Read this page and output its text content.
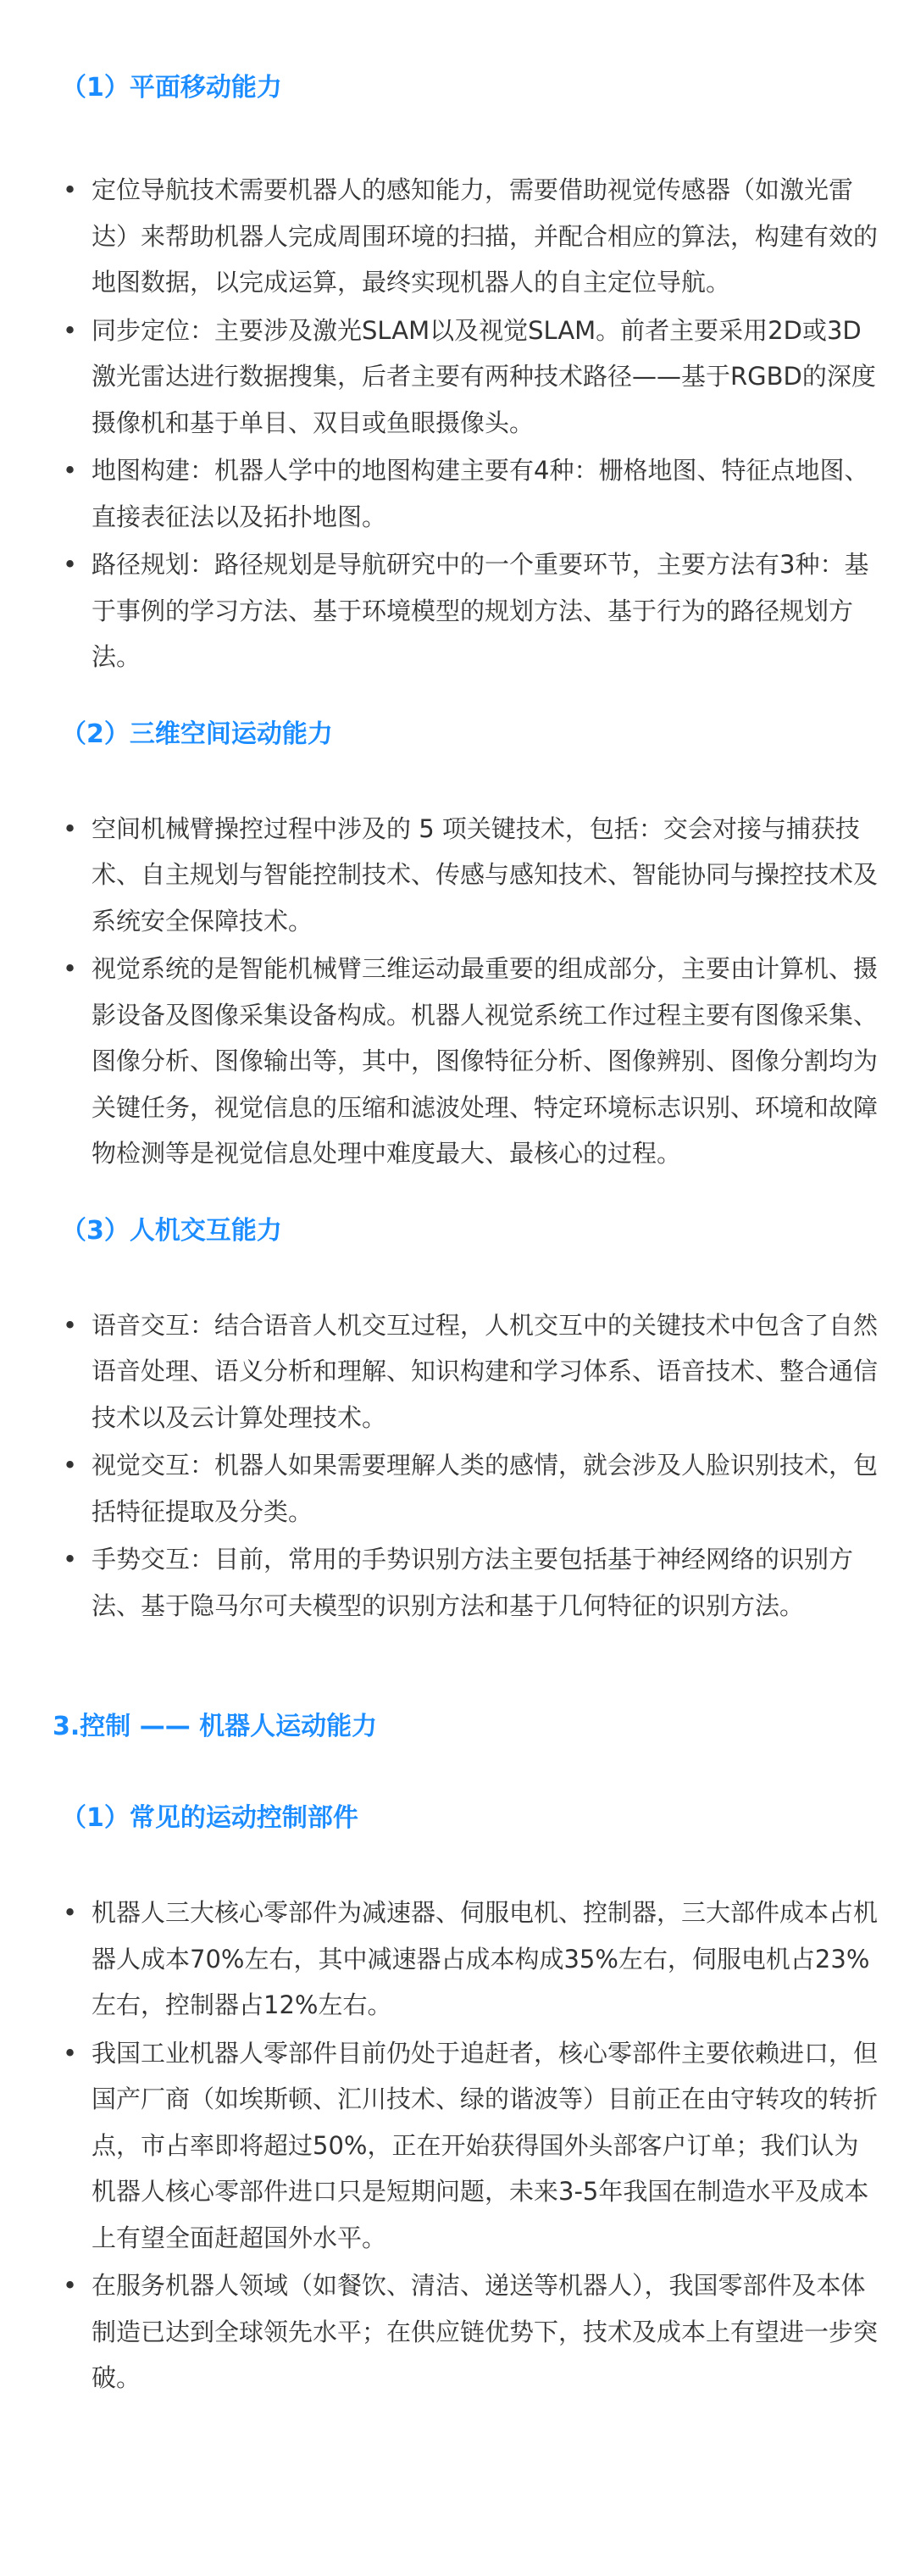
（1）平面移动能力
• 定位导航技术需要机器人的感知能力，需要借助视觉传感器（如激光雷达）来帮助机器人完成周围环境的扫描，并配合相应的算法，构建有效的地图数据，以完成运算，最终实现机器人的自主定位导航。
• 同步定位：主要涉及激光SLAM以及视觉SLAM。前者主要采用2D或3D激光雷达进行数据搜集，后者主要有两种技术路径——基于RGBD的深度摄像机和基于单目、双目或鱼眼摄像头。
• 地图构建：机器人学中的地图构建主要有4种：栅格地图、特征点地图、直接表征法以及拓扑地图。
• 路径规划：路径规划是导航研究中的一个重要环节，主要方法有3种：基于事例的学习方法、基于环境模型的规划方法、基于行为的路径规划方法。
（2）三维空间运动能力
• 空间机械臂操控过程中涉及的 5 项关键技术，包括：交会对接与捕获技术、自主规划与智能控制技术、传感与感知技术、智能协同与操控技术及系统安全保障技术。
• 视觉系统的是智能机械臂三维运动最重要的组成部分，主要由计算机、摄影设备及图像采集设备构成。机器人视觉系统工作过程主要有图像采集、图像分析、图像输出等，其中，图像特征分析、图像辨别、图像分割均为关键任务，视觉信息的压缩和滤波处理、特定环境标志识别、环境和故障物检测等是视觉信息处理中难度最大、最核心的过程。
（3）人机交互能力
• 语音交互：结合语音人机交互过程，人机交互中的关键技术中包含了自然语音处理、语义分析和理解、知识构建和学习体系、语音技术、整合通信技术以及云计算处理技术。
• 视觉交互：机器人如果需要理解人类的感情，就会涉及人脸识别技术，包括特征提取及分类。
• 手势交互：目前，常用的手势识别方法主要包括基于神经网络的识别方法、基于隐马尔可夫模型的识别方法和基于几何特征的识别方法。
3.控制 —— 机器人运动能力
（1）常见的运动控制部件
• 机器人三大核心零部件为减速器、伺服电机、控制器，三大部件成本占机器人成本70%左右，其中减速器占成本构成35%左右，伺服电机占23%左右，控制器占12%左右。
• 我国工业机器人零部件目前仍处于追赶者，核心零部件主要依赖进口，但国产厂商（如埃斯顿、汇川技术、绿的谐波等）目前正在由守转攻的转折点，市占率即将超过50%，正在开始获得国外头部客户订单；我们认为机器人核心零部件进口只是短期问题，未来3-5年我国在制造水平及成本上有望全面赶超国外水平。
• 在服务机器人领域（如餐饮、清洁、递送等机器人），我国零部件及本体制造已达到全球领先水平；在供应链优势下，技术及成本上有望进一步突破。
